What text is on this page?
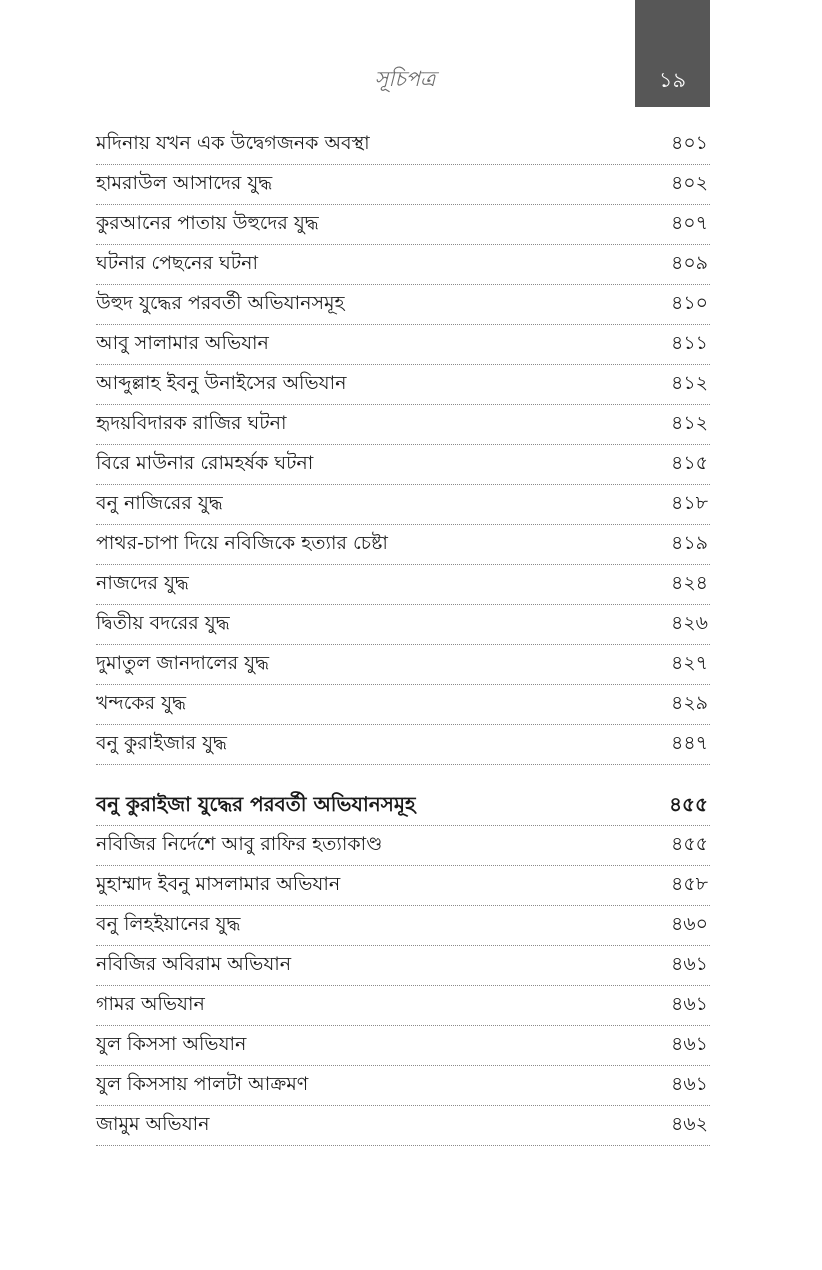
১৯
সূচিপত্র
মদিনায় যখন এক উদ্বেগজনক অবস্থা	৪০১
হামরাউল আসাদের যুদ্ধ	৪০২
কুরআনের পাতায় উহুদের যুদ্ধ	৪০৭
ঘটনার পেছনের ঘটনা	৪০৯
উহুদ যুদ্ধের পরবর্তী অভিযানসমূহ	৪১০
আবু সালামার অভিযান	৪১১
আব্দুল্লাহ ইবনু উনাইসের অভিযান	৪১২
হৃদয়বিদারক রাজির ঘটনা	৪১২
বিরে মাউনার রোমহর্ষক ঘটনা	৪১৫
বনু নাজিরের যুদ্ধ	৪১৮
পাথর-চাপা দিয়ে নবিজিকে হত্যার চেষ্টা	৪১৯
নাজদের যুদ্ধ	৪২৪
দ্বিতীয় বদরের যুদ্ধ	৪২৬
দুমাতুল জানদালের যুদ্ধ	৪২৭
খন্দকের যুদ্ধ	৪২৯
বনু কুরাইজার যুদ্ধ	৪৪৭
বনু কুরাইজা যুদ্ধের পরবর্তী অভিযানসমূহ	৪৫৫
নবিজির নির্দেশে আবু রাফির হত্যাকাণ্ড	৪৫৫
মুহাম্মাদ ইবনু মাসলামার অভিযান	৪৫৮
বনু লিহইয়ানের যুদ্ধ	৪৬০
নবিজির অবিরাম অভিযান	৪৬১
গামর অভিযান	৪৬১
যুল কিসসা অভিযান	৪৬১
যুল কিসসায় পালটা আক্রমণ	৪৬১
জামুম অভিযান	৪৬২
